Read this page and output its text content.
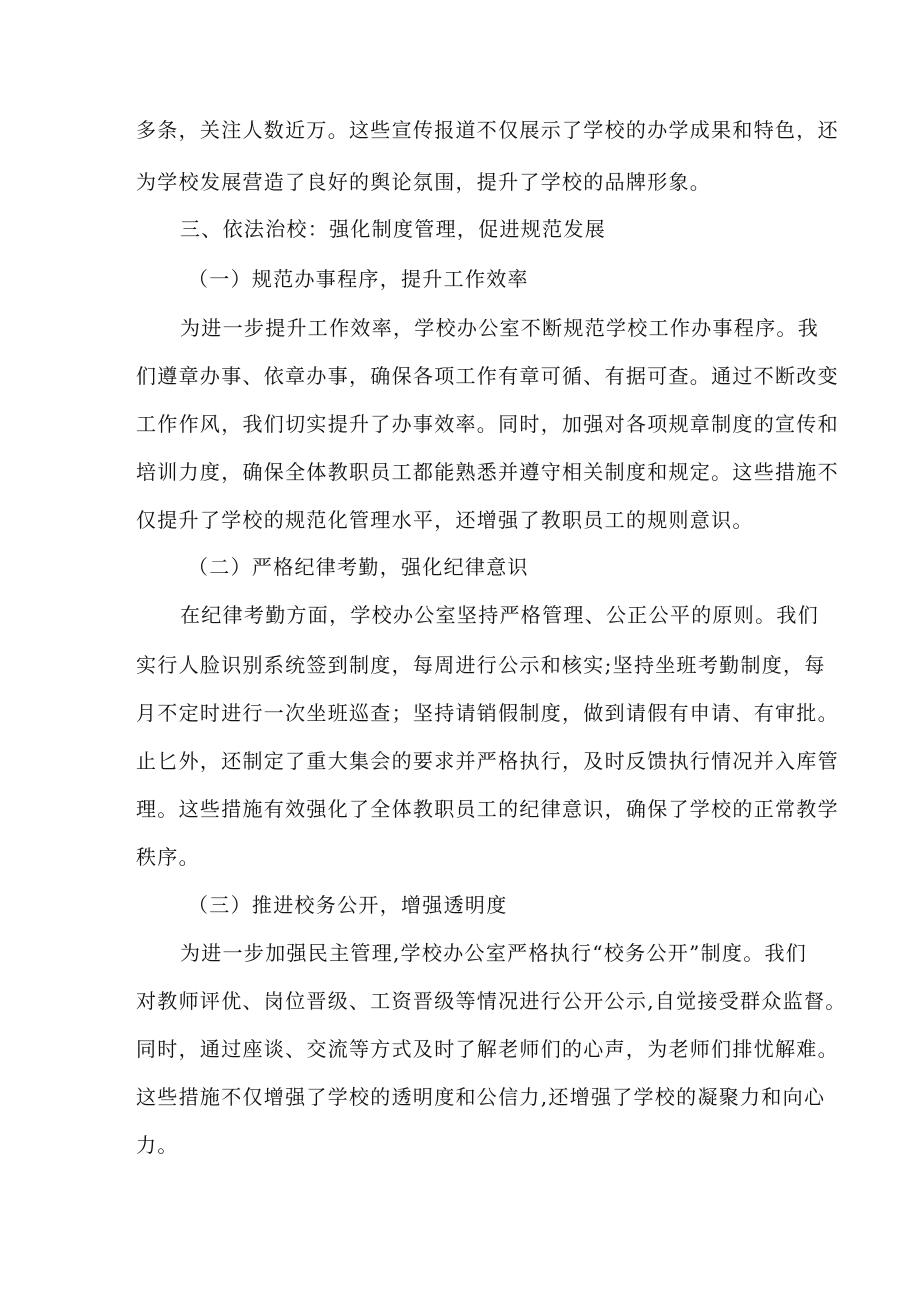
多条，关注人数近万。这些宣传报道不仅展示了学校的办学成果和特色，还
为学校发展营造了良好的舆论氛围，提升了学校的品牌形象。
三、依法治校：强化制度管理，促进规范发展
（一）规范办事程序，提升工作效率
为进一步提升工作效率，学校办公室不断规范学校工作办事程序。我
们遵章办事、依章办事，确保各项工作有章可循、有据可查。通过不断改变
工作作风，我们切实提升了办事效率。同时，加强对各项规章制度的宣传和
培训力度，确保全体教职员工都能熟悉并遵守相关制度和规定。这些措施不
仅提升了学校的规范化管理水平，还增强了教职员工的规则意识。
（二）严格纪律考勤，强化纪律意识
在纪律考勤方面，学校办公室坚持严格管理、公正公平的原则。我们
实行人脸识别系统签到制度，每周进行公示和核实;坚持坐班考勤制度，每
月不定时进行一次坐班巡查；坚持请销假制度，做到请假有申请、有审批。
止匕外，还制定了重大集会的要求并严格执行，及时反馈执行情况并入库管
理。这些措施有效强化了全体教职员工的纪律意识，确保了学校的正常教学
秩序。
（三）推进校务公开，增强透明度
为进一步加强民主管理,学校办公室严格执行“校务公开”制度。我们
对教师评优、岗位晋级、工资晋级等情况进行公开公示,自觉接受群众监督。
同时，通过座谈、交流等方式及时了解老师们的心声，为老师们排忧解难。
这些措施不仅增强了学校的透明度和公信力,还增强了学校的凝聚力和向心
力。
